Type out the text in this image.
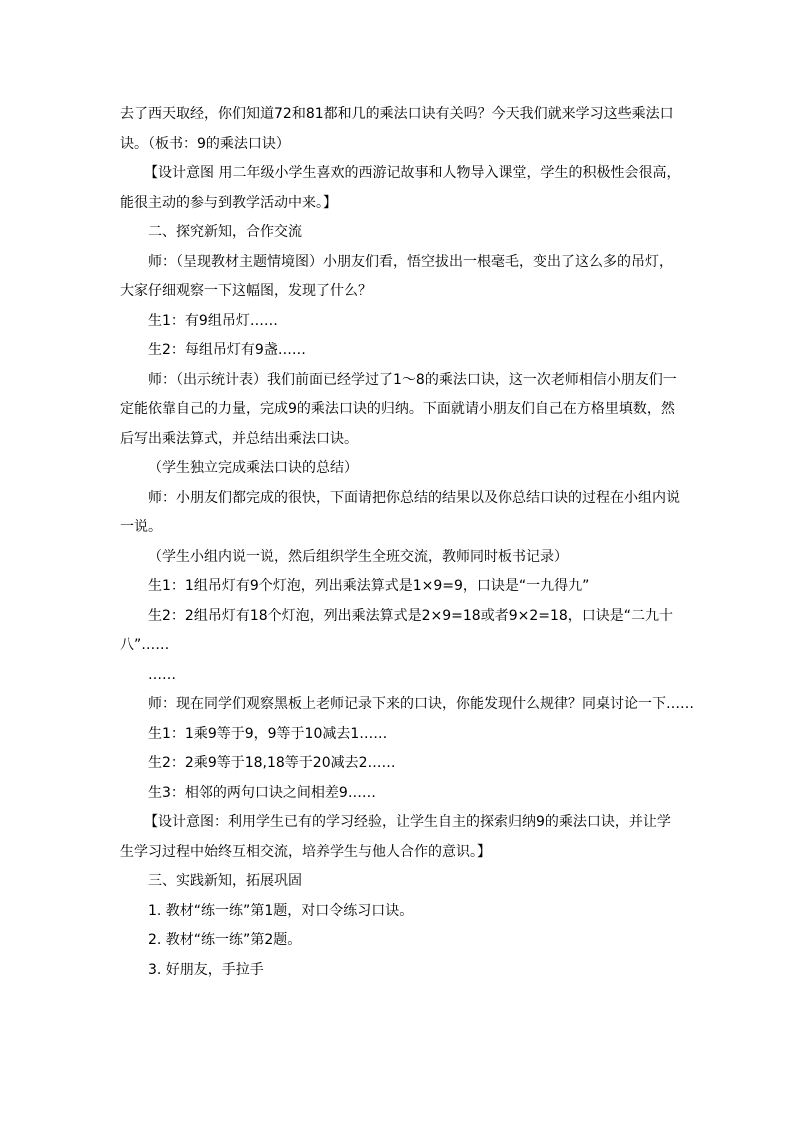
去了西天取经，你们知道72和81都和几的乘法口诀有关吗？今天我们就来学习这些乘法口

诀。（板书：9的乘法口诀）

【设计意图 用二年级小学生喜欢的西游记故事和人物导入课堂，学生的积极性会很高，

能很主动的参与到教学活动中来。】

二、探究新知，合作交流

师：（呈现教材主题情境图）小朋友们看，悟空拔出一根毫毛，变出了这么多的吊灯，

大家仔细观察一下这幅图，发现了什么？

生1：有9组吊灯……

生2：每组吊灯有9盏……

师：（出示统计表）我们前面已经学过了1～8的乘法口诀，这一次老师相信小朋友们一

定能依靠自己的力量，完成9的乘法口诀的归纳。下面就请小朋友们自己在方格里填数，然

后写出乘法算式，并总结出乘法口诀。

（学生独立完成乘法口诀的总结）

师：小朋友们都完成的很快，下面请把你总结的结果以及你总结口诀的过程在小组内说

一说。

（学生小组内说一说，然后组织学生全班交流，教师同时板书记录）

生1：1组吊灯有9个灯泡，列出乘法算式是1×9=9，口诀是“一九得九”

生2：2组吊灯有18个灯泡，列出乘法算式是2×9=18或者9×2=18，口诀是“二九十

八”……

……

师：现在同学们观察黑板上老师记录下来的口诀，你能发现什么规律？同桌讨论一下……

生1：1乘9等于9，9等于10减去1……

生2：2乘9等于18,18等于20减去2……

生3：相邻的两句口诀之间相差9……

【设计意图：利用学生已有的学习经验，让学生自主的探索归纳9的乘法口诀，并让学

生学习过程中始终互相交流，培养学生与他人合作的意识。】

三、实践新知，拓展巩固

1. 教材“练一练”第1题，对口令练习口诀。

2. 教材“练一练”第2题。

3. 好朋友，手拉手
